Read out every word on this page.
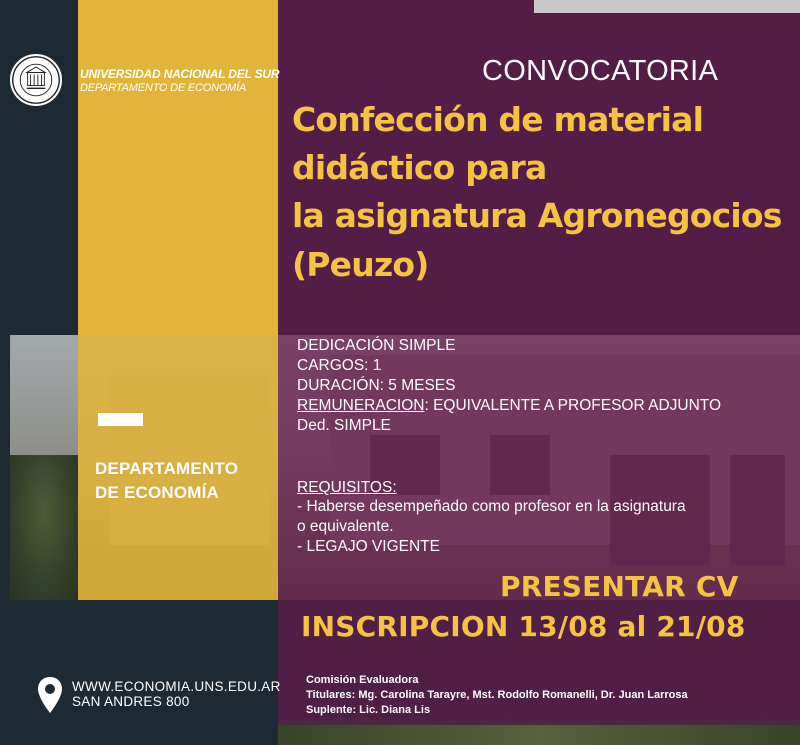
UNIVERSIDAD NACIONAL DEL SUR
DEPARTAMENTO DE ECONOMÍA
CONVOCATORIA
Confección de material
didáctico para
la asignatura Agronegocios
(Peuzo)
DEPARTAMENTO
DE ECONOMÍA
DEDICACIÓN SIMPLE
CARGOS: 1
DURACIÓN: 5 MESES
REMUNERACION: EQUIVALENTE A PROFESOR ADJUNTO
Ded. SIMPLE
REQUISITOS:
- Haberse desempeñado como profesor en la asignatura
o equivalente.
- LEGAJO VIGENTE
PRESENTAR CV
INSCRIPCION 13/08 al 21/08
WWW.ECONOMIA.UNS.EDU.AR
SAN ANDRES 800
Comisión Evaluadora
Titulares: Mg. Carolina Tarayre, Mst. Rodolfo Romanelli, Dr. Juan Larrosa
Suplente: Lic. Diana Lis
